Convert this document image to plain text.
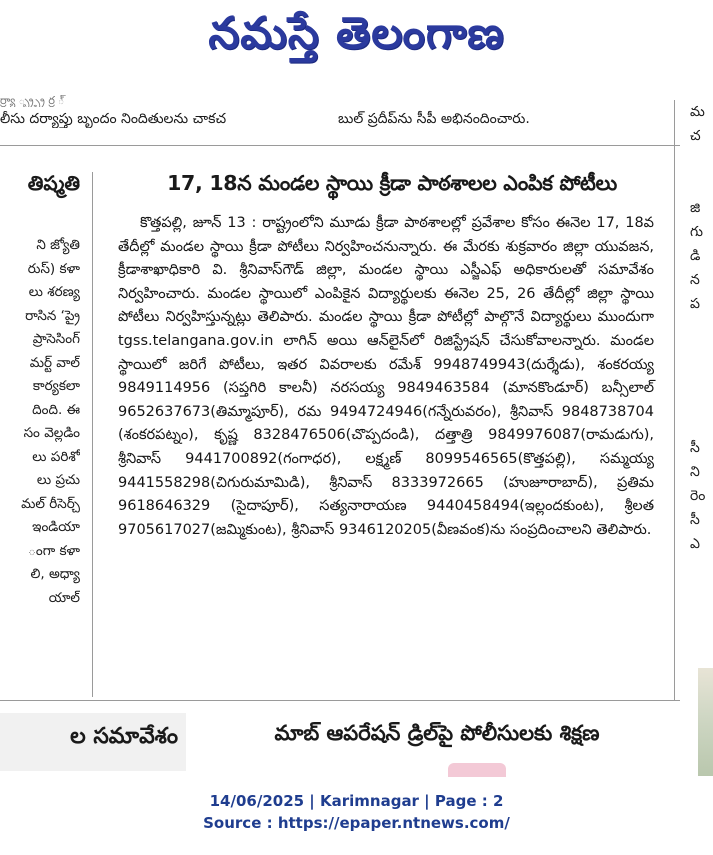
నమస్తే తెలంగాణ
ర్ర్యా ్బ్ర్బ్ర ర్ర ్
లీసు దర్యాప్తు బృందం నిందితులను చాకచ	బుల్ ప్రదీప్‌ను సీపీ అభినందించారు.
తిష్మతి
ని జ్యోతి
రుస్) కళా
లు శరణ్య
రాసిన ‘ప్రై
ప్రాసెసింగ్
మర్ట్ వాల్
కార్యకలా
దింది. ఈ
సం వెల్లడిం
లు పరిశో
లు ప్రచు
మల్ రీసెర్చ్
ఇండియా
ంగా కళా
లి, అధ్యా
యాల్
17, 18న మండల స్థాయి క్రీడా పాఠశాలల ఎంపిక పోటీలు

కొత్తపల్లి, జూన్ 13 : రాష్ట్రంలోని మూడు క్రీడా పాఠశాలల్లో ప్రవేశాల కోసం ఈనెల 17, 18వ తేదీల్లో మండల స్థాయి క్రీడా పోటీలు నిర్వహించనున్నారు. ఈ మేరకు శుక్రవారం జిల్లా యువజన, క్రీడాశాఖాధికారి వి. శ్రీనివాస్‌గౌడ్ జిల్లా, మండల స్థాయి ఎస్జీఎఫ్ అధికారులతో సమావేశం నిర్వహించారు. మండల స్థాయిలో ఎంపికైన విద్యార్థులకు ఈనెల 25, 26 తేదీల్లో జిల్లా స్థాయి పోటీలు నిర్వహిస్తున్నట్లు తెలిపారు. మండల స్థాయి క్రీడా పోటీల్లో పాల్గొనే విద్యార్థులు ముందుగా tgss.telangana.gov.in లాగిన్ అయి ఆన్‌లైన్‌లో రిజిస్ట్రేషన్ చేసుకోవాలన్నారు. మండల స్థాయిలో జరిగే పోటీలు, ఇతర వివరాలకు రమేశ్ 9948749943(దుర్శేడు), శంకరయ్య 9849114956 (సప్తగిరి కాలనీ) నరసయ్య 9849463584 (మానకొండూర్) బన్సీలాల్ 9652637673(తిమ్మాపూర్), రమ 9494724946(గన్నేరువరం), శ్రీనివాస్ 9848738704 (శంకరపట్నం), కృష్ణ 8328476506(చొప్పదండి), దత్తాత్రి 9849976087(రామడుగు), శ్రీనివాస్ 9441700892(గంగాధర), లక్ష్మణ్ 8099546565(కొత్తపల్లి), సమ్మయ్య 9441558298(చిగురుమామిడి), శ్రీనివాస్ 8333972665 (హుజూరాబాద్), ప్రతిమ 9618646329 (సైదాపూర్), సత్యనారాయణ 9440458494(ఇల్లందకుంట), శ్రీలత 9705617027(జమ్మికుంట), శ్రీనివాస్ 9346120205(వీణవంక)ను సంప్రదించాలని తెలిపారు.

మ
చ
జి
గు
డి
న
ప
సీ
ని
రెం
సీ
ఎ
ల సమావేశం	మాబ్ ఆపరేషన్ డ్రిల్‌పై పోలీసులకు శిక్షణ
14/06/2025 | Karimnagar | Page : 2
Source : https://epaper.ntnews.com/
